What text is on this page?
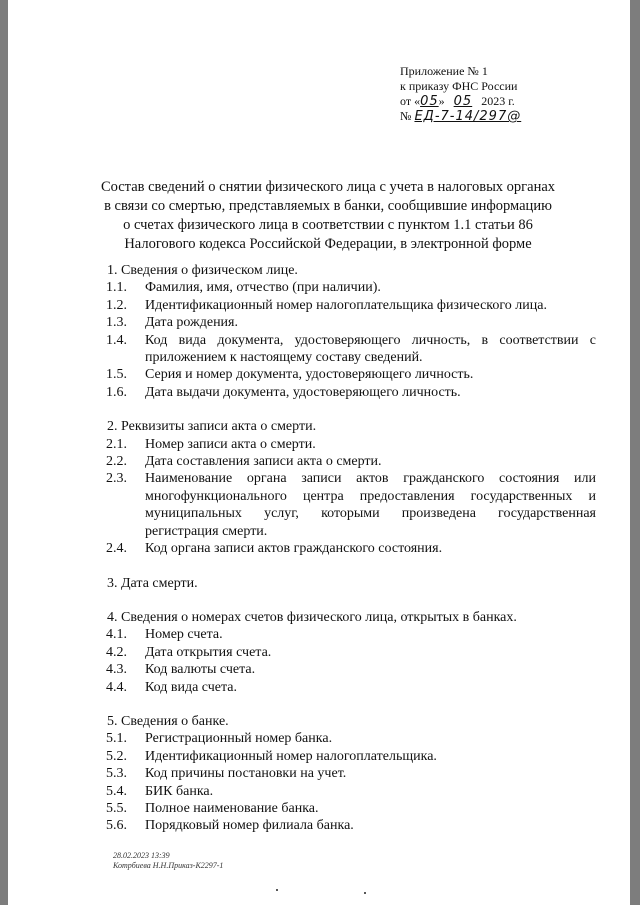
Приложение № 1
к приказу ФНС России
от «05» 05 2023 г.
№ ЕД-7-14/297@
Состав сведений о снятии физического лица с учета в налоговых органах
в связи со смертью, представляемых в банки, сообщившие информацию
о счетах физического лица в соответствии с пунктом 1.1 статьи 86
Налогового кодекса Российской Федерации, в электронной форме
1. Сведения о физическом лице.
1.1. Фамилия, имя, отчество (при наличии).
1.2. Идентификационный номер налогоплательщика физического лица.
1.3. Дата рождения.
1.4. Код вида документа, удостоверяющего личность, в соответствии с приложением к настоящему составу сведений.
1.5. Серия и номер документа, удостоверяющего личность.
1.6. Дата выдачи документа, удостоверяющего личность.
2. Реквизиты записи акта о смерти.
2.1. Номер записи акта о смерти.
2.2. Дата составления записи акта о смерти.
2.3. Наименование органа записи актов гражданского состояния или многофункционального центра предоставления государственных и муниципальных услуг, которыми произведена государственная регистрация смерти.
2.4. Код органа записи актов гражданского состояния.
3. Дата смерти.
4. Сведения о номерах счетов физического лица, открытых в банках.
4.1. Номер счета.
4.2. Дата открытия счета.
4.3. Код валюты счета.
4.4. Код вида счета.
5. Сведения о банке.
5.1. Регистрационный номер банка.
5.2. Идентификационный номер налогоплательщика.
5.3. Код причины постановки на учет.
5.4. БИК банка.
5.5. Полное наименование банка.
5.6. Порядковый номер филиала банка.
28.02.2023 13:39
Котрбиева Н.Н.Приказ-К2297-1
